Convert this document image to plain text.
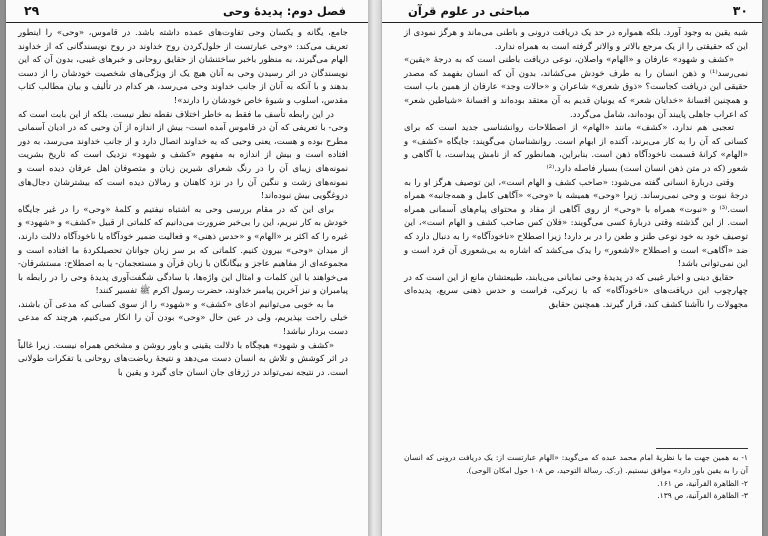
فصل دوم: پدیدهٔ وحی
۲۹

جامع، یگانه و یکسان وحی تفاوت‌های عمده داشته باشد. در قاموس، «وحی» را اینطور تعریف می‌کند: «وحی عبارتست از حلول‌کردن روح خداوند در روح نویسندگانی که از خداوند الهام می‌گیرند، به منظور باخبر ساختنشان از حقایق روحانی و خبرهای غیبی، بدون آن که این نویسندگان در اثر رسیدن وحی به آنان هیچ یک از ویژگی‌های شخصیت خودشان را از دست بدهند و با آنکه به آنان از جانب خداوند وحی می‌رسد، هر کدام در تألیف و بیان مطالب کتاب مقدس، اسلوب و شیوهٔ خاص خودشان را دارند»!

در این رابطه تأسف ما فقط به خاطر اختلاف نقطه نظر نیست. بلکه از این بابت است که وحی- با تعریفی که آن در قاموس آمده است- بیش از اندازه از آن وحیی که در ادیان آسمانی مطرح بوده و هست، یعنی وحیی که به خداوند اتصال دارد و از جانب خداوند می‌رسد، به دور افتاده است و بیش از اندازه به مفهوم «کشف و شهود» نزدیک است که تاریخ بشریت نمونه‌های زیبای آن را در رنگ شعرای شیرین زبان و متصوفان اهل عرفان دیده است و نمونه‌های زشت و ننگین آن را در نزد کاهنان و رمالان دیده است که بیشترشان دجال‌های دروغگویی بیش نبوده‌اند!

برای این که در مقام بررسی وحی به اشتباه نیفتیم و کلمهٔ «وحی» را در غیر جایگاه خودش به کار نبریم، این را بی‌خبر ضرورت می‌دانیم که کلماتی از قبیل «کشف» و «شهود» و غیره را که اکثر بر «الهام» و «حدس ذهنی» و فعالیت ضمیر خودآگاه یا ناخودآگاه دلالت دارند، از میدان «وحی» بیرون کنیم. کلماتی که بر سر زبان جوانان تحصیلکردهٔ ما افتاده است و مجموعه‌ای از مفاهیم عاجز و بیگانگان با زبان قرآن و مستعجمان- یا به اصطلاح: مستشرقان- می‌خواهند با این کلمات و امثال این واژه‌ها، با سادگی شگفت‌آوری پدیدهٔ وحی را در رابطه با پیامبران و نیز آخرین پیامبر خداوند، حضرت رسول اکرم ﷺ تفسیر کنند!

ما به خوبی می‌توانیم ادعای «کشف» و «شهود» را از سوی کسانی که مدعی آن باشند، خیلی راحت بپذیریم، ولی در عین حال «وحی» بودن آن را انکار می‌کنیم، هرچند که مدعی دست بردار نباشد!

«کشف و شهود» هیچگاه با دلالت یقینی و باور روشن و مشخص همراه نیست. زیرا غالباً در اثر کوشش و تلاش به انسان دست می‌دهد و نتیجهٔ ریاضت‌های روحانی یا تفکرات طولانی است. در نتیجه نمی‌تواند در ژرفای جان انسان جای گیرد و یقین با

مباحثی در علوم قرآن	۳۰

شبه یقین به وجود آورد. بلکه همواره در حد یک دریافت درونی و باطنی می‌ماند و هرگز نمودی از این که حقیقتی را از یک مرجع بالاتر و والاتر گرفته است به همراه ندارد.

«کشف و شهود» عارفان و «الهام» واصلان، نوعی دریافت باطنی است که به درجهٔ «یقین» نمی‌رسد⁽¹⁾ و ذهن انسان را به طرف خودش می‌کشاند، بدون آن که انسان بفهمد که مصدر حقیقی این دریافت کجاست؟ «ذوق شعری» شاعران و «حالات وجد» عارفان از همین باب است و همچنین افسانهٔ «خدایان شعر» که یونیان قدیم به آن معتقد بوده‌اند و افسانهٔ «شیاطین شعر» که اعراب جاهلی پایبند آن بوده‌اند، شامل می‌گردد.

تعجبی هم ندارد، «کشف» مانند «الهام» از اصطلاحات روانشناسی جدید است که برای کسانی که آن را به کار می‌برند، آکنده از ابهام است. روانشناسان می‌گویند: جایگاه «کشف» و «الهام» کرانهٔ قسمت ناخودآگاه ذهن است. بنابراین، همانطور که از نامش پیداست، با آگاهی و شعور (که در متن ذهن انسان است) بسیار فاصله دارد.⁽²⁾

وقتی دربارهٔ انسانی گفته می‌شود: «صاحب کشف و الهام است»، این توصیف هرگز او را به درجهٔ نبوت و وحی نمی‌رساند. زیرا «وحی» همیشه با «وحی» «آگاهی کامل و همه‌جانبه» همراه است.⁽³⁾ و «نبوت» همراه با «وحی» از روی آگاهی از مفاد و محتوای پیام‌های آسمانی همراه است. از این گذشته وقتی دربارهٔ کسی می‌گویند: «فلان کس صاحب کشف و الهام است»، این توصیف خود به خود نوعی طنز و طعن را در بر دارد! زیرا اصطلاح «ناخودآگاه» را به دنبال دارد که ضد «آگاهی» است و اصطلاح «لاشعور» را یدک می‌کشد که اشاره به بی‌شعوری آن فرد است و این نمی‌توانی باشد!

حقایق دینی و اخبار غیبی که در پدیدهٔ وحی نمایانی می‌یابند، طبیعتشان مانع از این است که در چهارچوب این دریافت‌های «ناخودآگاه» که با زیرکی، فراست و حدس ذهنی سریع، پدیده‌ای مجهولات را ناآشنا کشف کند، قرار گیرند. همچنین حقایق

١- به همین جهت ما با نظریهٔ امام محمد عبده که می‌گوید: «الهام عبارتست از: یک دریافت درونی که انسان آن را به یقین باور دارد» موافق نیستیم. (ر.ک. رسالة التوحید، ص ١٠٨ حول امکان الوحی).
٢- الظاهرة القرآنیة، ص ١۶١.
٣- الظاهرة القرآنیة، ص ١٣٩.
